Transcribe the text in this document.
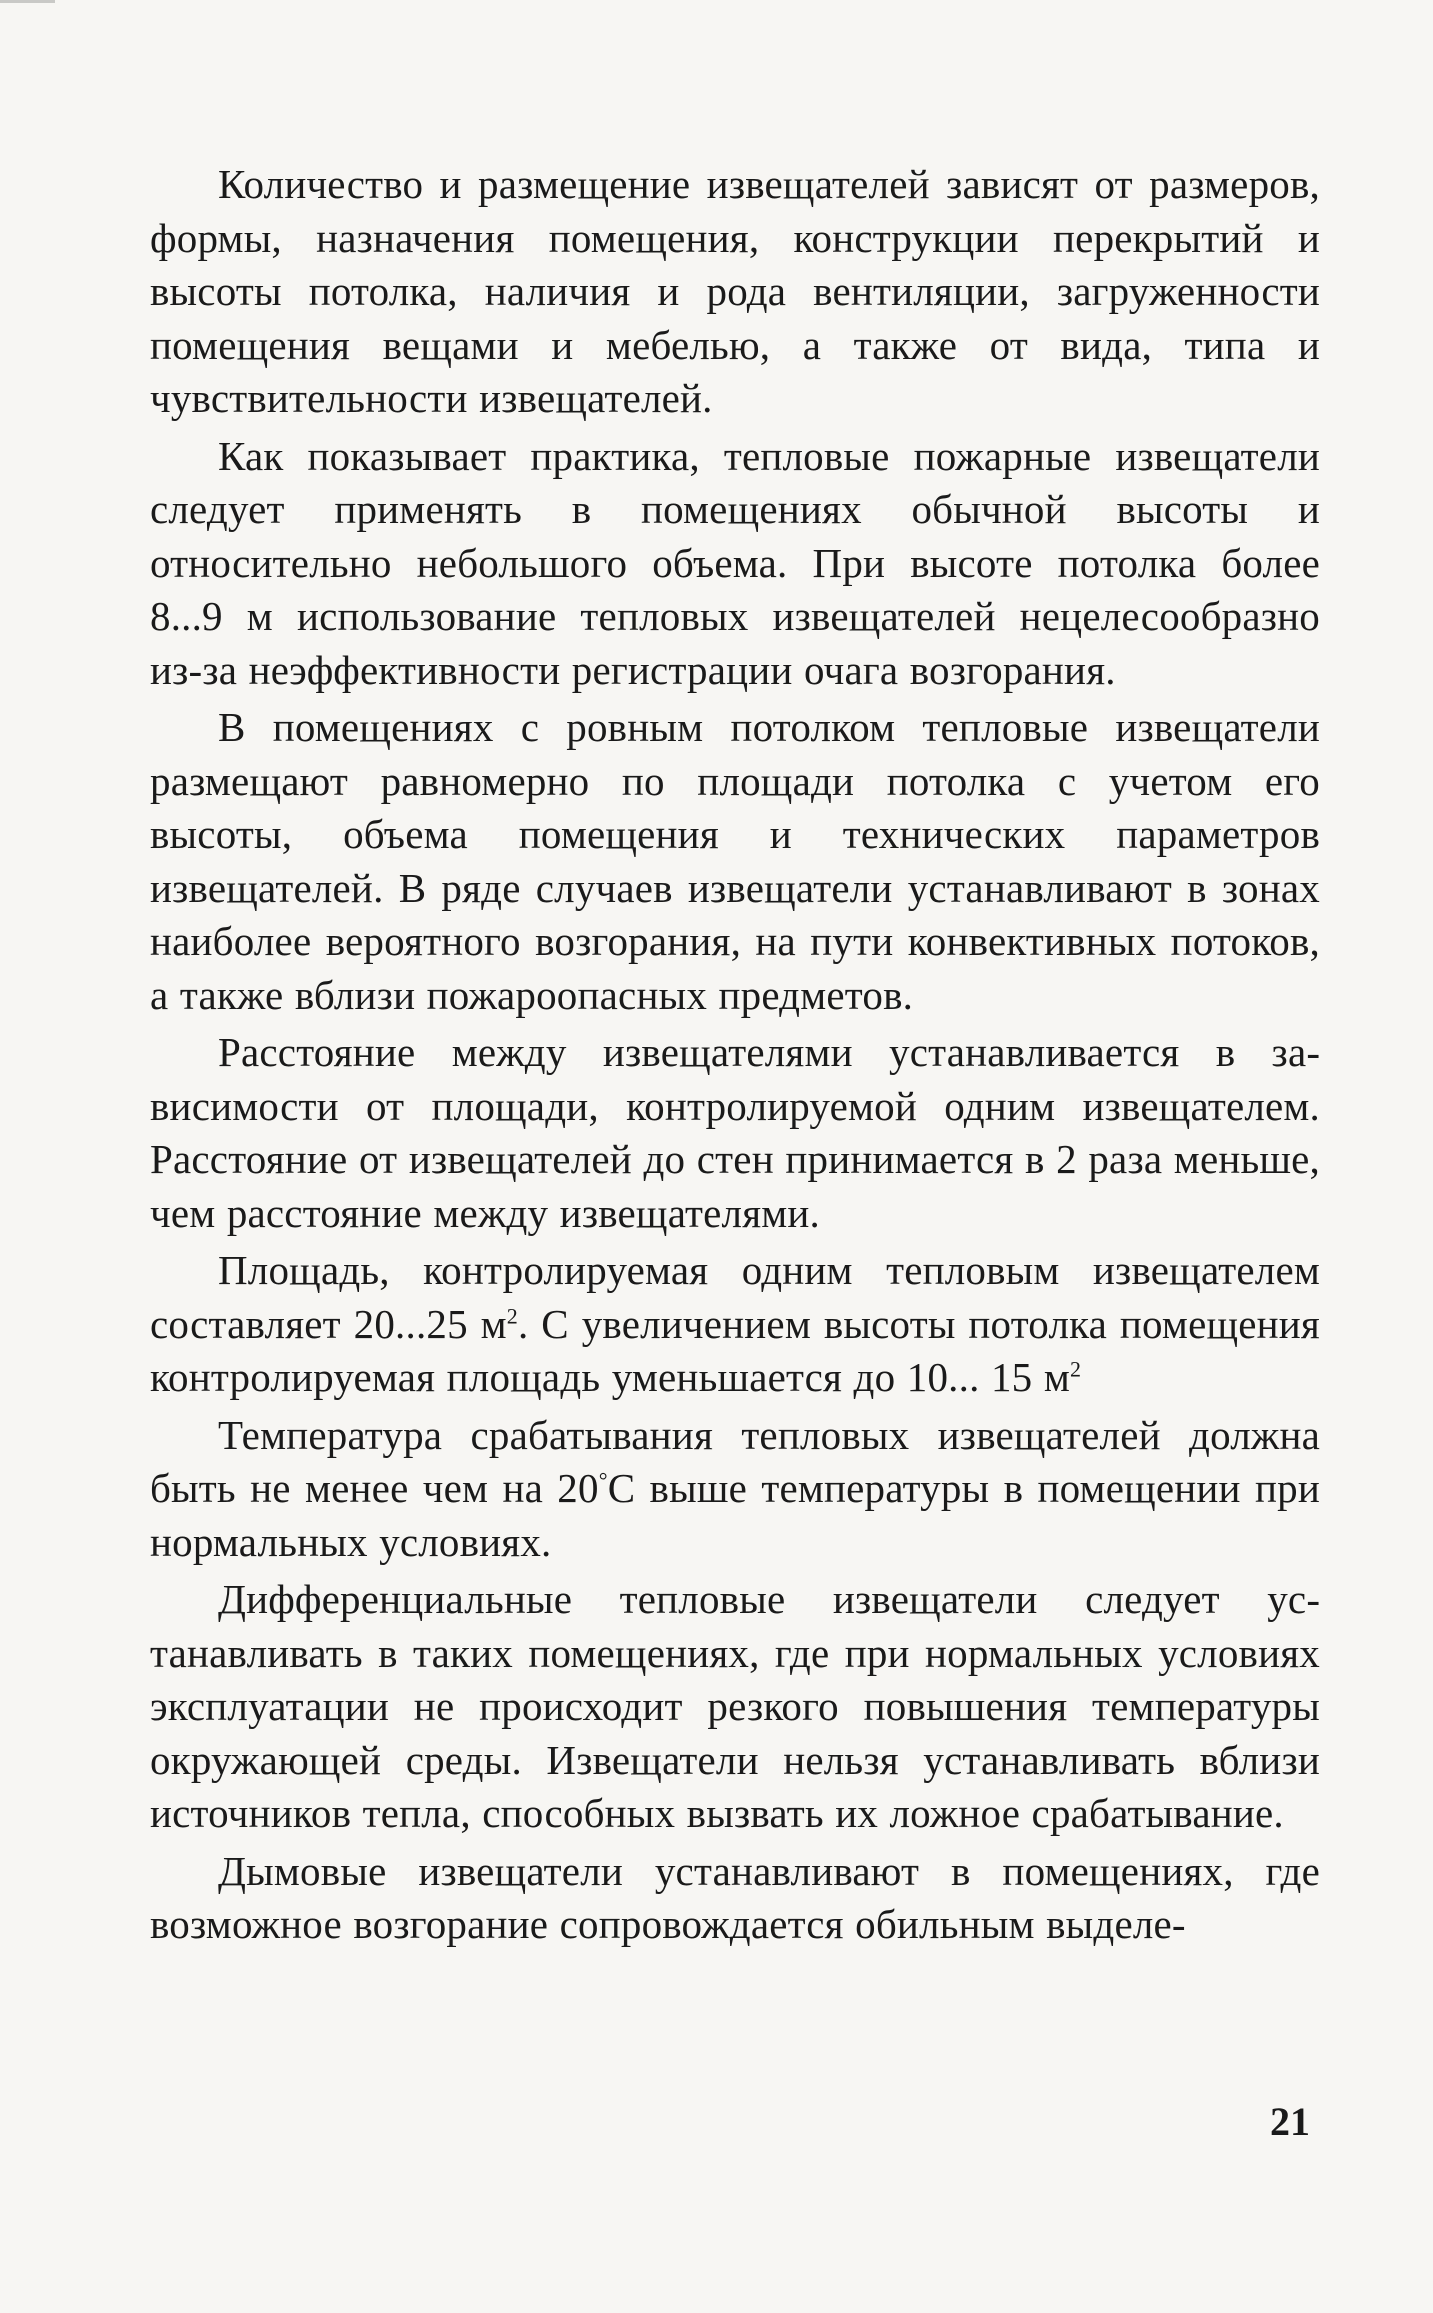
Количество и размещение извещателей зависят от размеров, формы, назначения помещения, конструкции перекрытий и высоты потолка, наличия и рода вентиляции, загруженности помещения вещами и мебелью, а также от вида, типа и чувствительности извещателей.

Как показывает практика, тепловые пожарные извещатели следует применять в помещениях обычной высоты и относительно небольшого объема. При высоте потолка более 8...9 м использование тепловых извещателей нецелесообразно из-за неэффективности регистрации очага возгорания.

В помещениях с ровным потолком тепловые извещатели размещают равномерно по площади потолка с учетом его высоты, объема помещения и технических параметров извещателей. В ряде случаев извещатели устанавливают в зонах наиболее вероятного возгорания, на пути конвективных потоков, а также вблизи пожароопасных предметов.

Расстояние между извещателями устанавливается в зависимости от площади, контролируемой одним извещателем. Расстояние от извещателей до стен принимается в 2 раза меньше, чем расстояние между извещателями.

Площадь, контролируемая одним тепловым извещателем составляет 20...25 $м^2$. С увеличением высоты потолка помещения контролируемая площадь уменьшается до 10... 15 $м^2$

Температура срабатывания тепловых извещателей должна быть не менее чем на 20°С выше температуры в помещении при нормальных условиях.

Дифференциальные тепловые извещатели следует устанавливать в таких помещениях, где при нормальных условиях эксплуатации не происходит резкого повышения температуры окружающей среды. Извещатели нельзя устанавливать вблизи источников тепла, способных вызвать их ложное срабатывание.

Дымовые извещатели устанавливают в помещениях, где возможное возгорание сопровождается обильным выделе-

21
